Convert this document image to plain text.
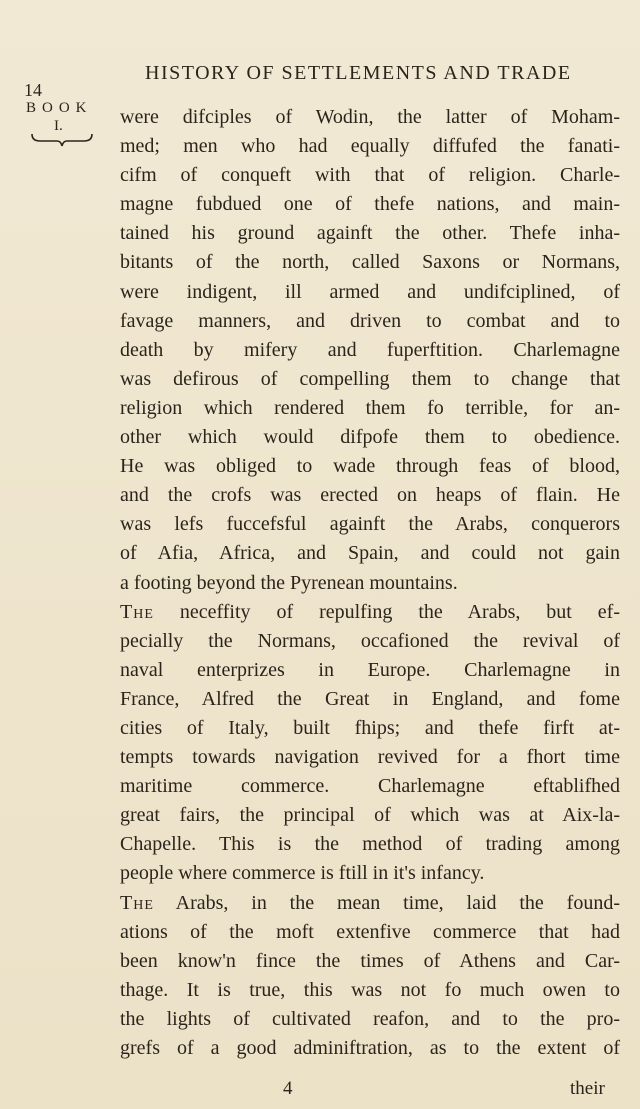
14
HISTORY OF SETTLEMENTS AND TRADE
BOOK
I.	were difciples of Wodin, the latter of Moham-
med; men who had equally diffufed the fanati-
cifm of conqueft with that of religion. Charle-
magne fubdued one of thefe nations, and main-
tained his ground againft the other. Thefe inha-
bitants of the north, called Saxons or Normans,
were indigent, ill armed and undifciplined, of
favage manners, and driven to combat and to
death by mifery and fuperftition. Charlemagne
was defirous of compelling them to change that
religion which rendered them fo terrible, for an-
other which would difpofe them to obedience.
He was obliged to wade through feas of blood,
and the crofs was erected on heaps of flain. He
was lefs fuccefsful againft the Arabs, conquerors
of Afia, Africa, and Spain, and could not gain
a footing beyond the Pyrenean mountains.
The neceffity of repulfing the Arabs, but ef-
pecially the Normans, occafioned the revival of
naval enterprizes in Europe. Charlemagne in
France, Alfred the Great in England, and fome
cities of Italy, built fhips; and thefe firft at-
tempts towards navigation revived for a fhort time
maritime commerce. Charlemagne eftablifhed
great fairs, the principal of which was at Aix-la-
Chapelle. This is the method of trading among
people where commerce is ftill in it's infancy.
The Arabs, in the mean time, laid the found-
ations of the moft extenfive commerce that had
been know'n fince the times of Athens and Car-
thage. It is true, this was not fo much owen to
the lights of cultivated reafon, and to the pro-
grefs of a good adminiftration, as to the extent of
4	their
